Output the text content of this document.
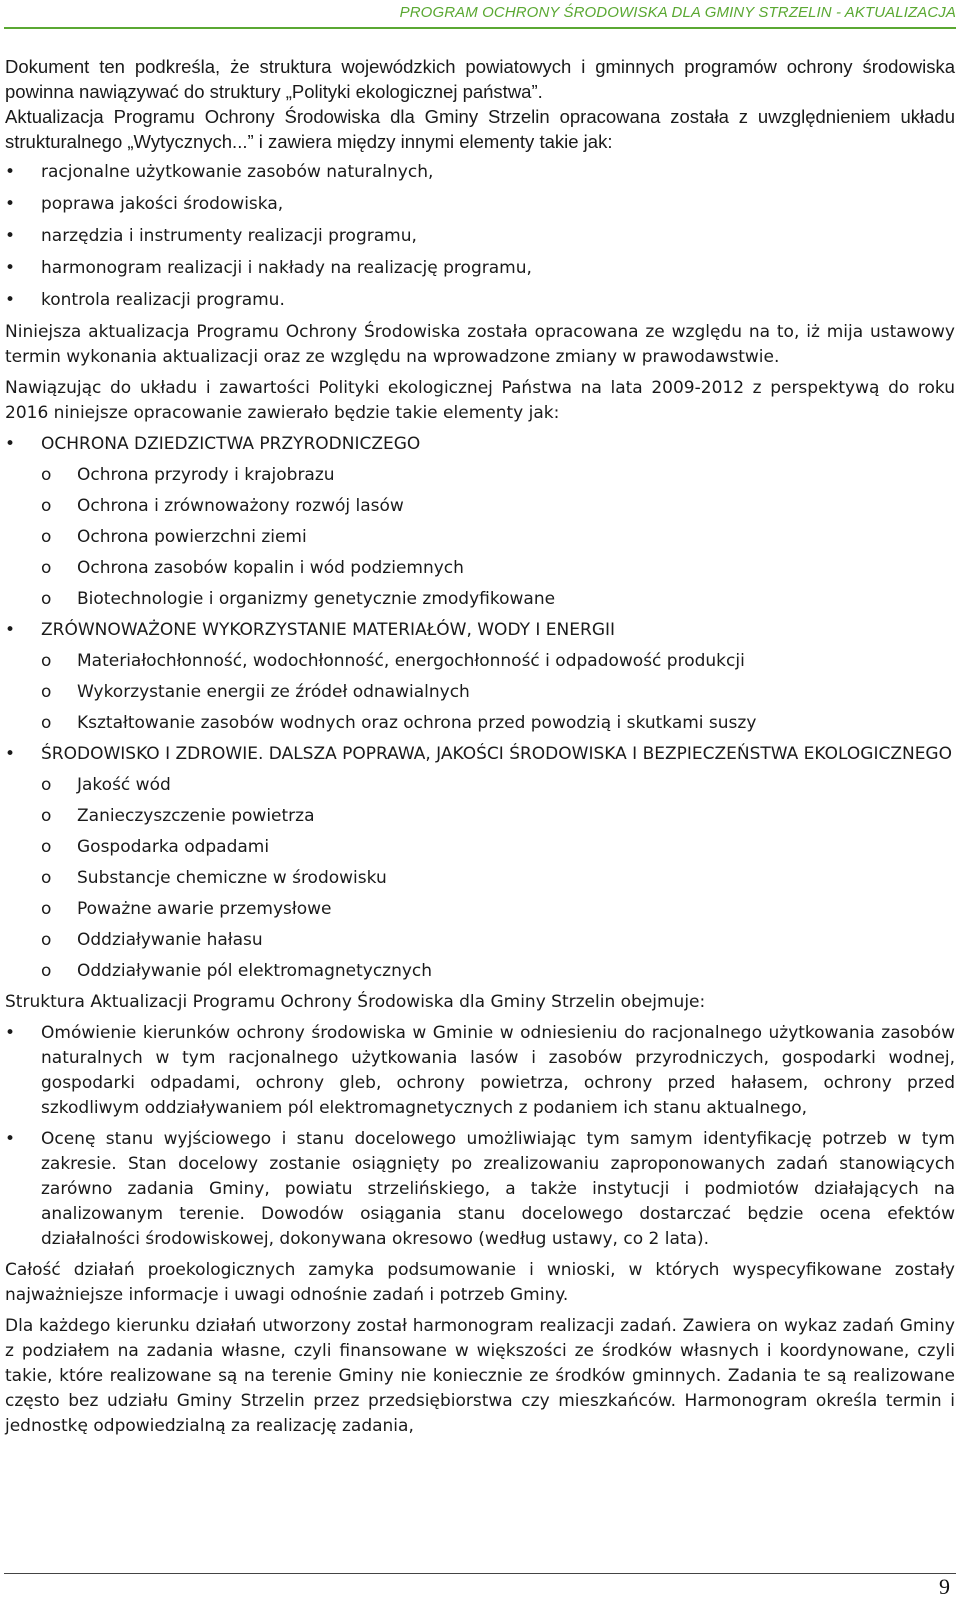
PROGRAM OCHRONY ŚRODOWISKA DLA GMINY STRZELIN - AKTUALIZACJA

Dokument ten podkreśla, że struktura wojewódzkich powiatowych i gminnych programów ochrony środowiska powinna nawiązywać do struktury „Polityki ekologicznej państwa”.

Aktualizacja Programu Ochrony Środowiska dla Gminy Strzelin opracowana została z uwzględnieniem układu strukturalnego „Wytycznych...” i zawiera między innymi elementy takie jak:

• racjonalne użytkowanie zasobów naturalnych,
• poprawa jakości środowiska,
• narzędzia i instrumenty realizacji programu,
• harmonogram realizacji i nakłady na realizację programu,
• kontrola realizacji programu.

Niniejsza aktualizacja Programu Ochrony Środowiska została opracowana ze względu na to, iż mija ustawowy termin wykonania aktualizacji oraz ze względu na wprowadzone zmiany w prawodawstwie.

Nawiązując do układu i zawartości Polityki ekologicznej Państwa na lata 2009-2012 z perspektywą do roku 2016 niniejsze opracowanie zawierało będzie takie elementy jak:

• OCHRONA DZIEDZICTWA PRZYRODNICZEGO
o Ochrona przyrody i krajobrazu
o Ochrona i zrównoważony rozwój lasów
o Ochrona powierzchni ziemi
o Ochrona zasobów kopalin i wód podziemnych
o Biotechnologie i organizmy genetycznie zmodyfikowane
• ZRÓWNOWAŻONE WYKORZYSTANIE MATERIAŁÓW, WODY I ENERGII
o Materiałochłonność, wodochłonność, energochłonność i odpadowość produkcji
o Wykorzystanie energii ze źródeł odnawialnych
o Kształtowanie zasobów wodnych oraz ochrona przed powodzią i skutkami suszy
• ŚRODOWISKO I ZDROWIE. DALSZA POPRAWA, JAKOŚCI ŚRODOWISKA I BEZPIECZEŃSTWA EKOLOGICZNEGO
o Jakość wód
o Zanieczyszczenie powietrza
o Gospodarka odpadami
o Substancje chemiczne w środowisku
o Poważne awarie przemysłowe
o Oddziaływanie hałasu
o Oddziaływanie pól elektromagnetycznych

Struktura Aktualizacji Programu Ochrony Środowiska dla Gminy Strzelin obejmuje:

• Omówienie kierunków ochrony środowiska w Gminie w odniesieniu do racjonalnego użytkowania zasobów naturalnych w tym racjonalnego użytkowania lasów i zasobów przyrodniczych, gospodarki wodnej, gospodarki odpadami, ochrony gleb, ochrony powietrza, ochrony przed hałasem, ochrony przed szkodliwym oddziaływaniem pól elektromagnetycznych z podaniem ich stanu aktualnego,
• Ocenę stanu wyjściowego i stanu docelowego umożliwiając tym samym identyfikację potrzeb w tym zakresie. Stan docelowy zostanie osiągnięty po zrealizowaniu zaproponowanych zadań stanowiących zarówno zadania Gminy, powiatu strzelińskiego, a także instytucji i podmiotów działających na analizowanym terenie. Dowodów osiągania stanu docelowego dostarczać będzie ocena efektów działalności środowiskowej, dokonywana okresowo (według ustawy, co 2 lata).

Całość działań proekologicznych zamyka podsumowanie i wnioski, w których wyspecyfikowane zostały najważniejsze informacje i uwagi odnośnie zadań i potrzeb Gminy.

Dla każdego kierunku działań utworzony został harmonogram realizacji zadań. Zawiera on wykaz zadań Gminy z podziałem na zadania własne, czyli finansowane w większości ze środków własnych i koordynowane, czyli takie, które realizowane są na terenie Gminy nie koniecznie ze środków gminnych. Zadania te są realizowane często bez udziału Gminy Strzelin przez przedsiębiorstwa czy mieszkańców. Harmonogram określa termin i jednostkę odpowiedzialną za realizację zadania,

9
